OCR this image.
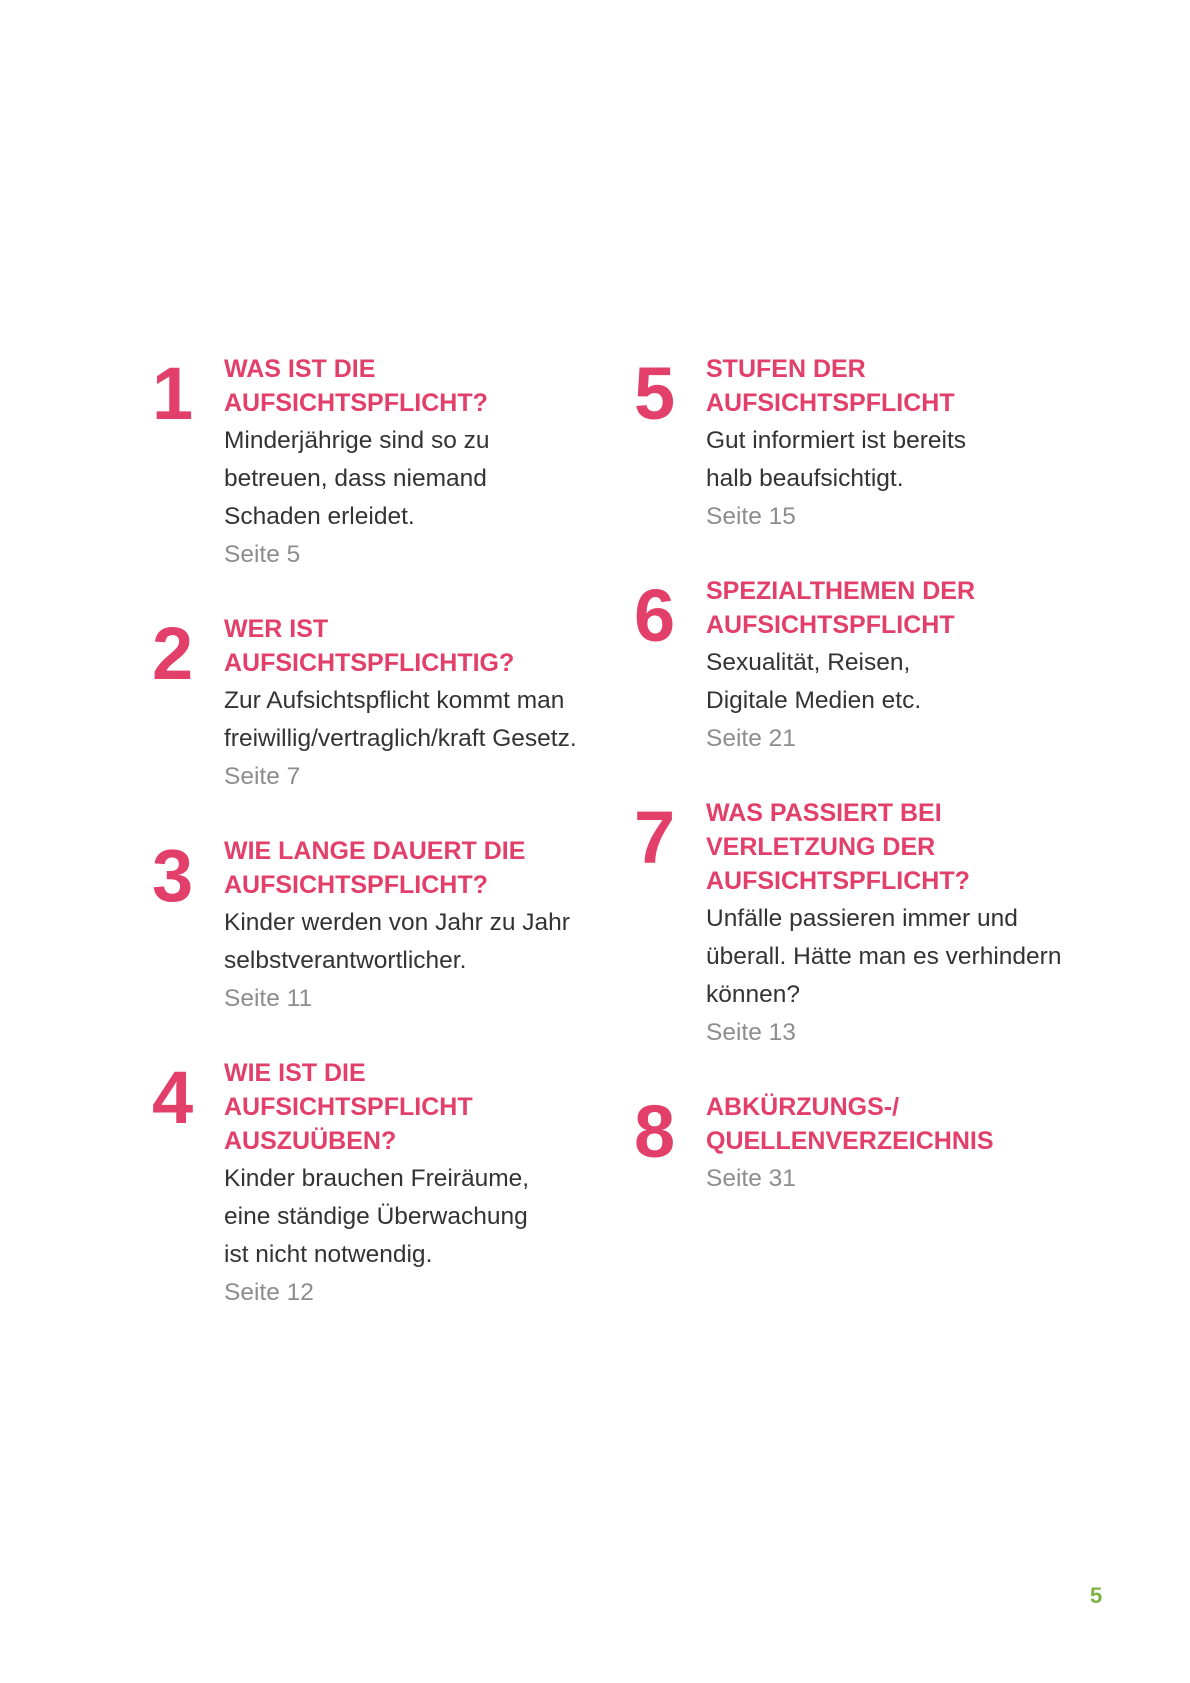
1	WAS IST DIE AUFSICHTSPFLICHT?
Minderjährige sind so zu
betreuen, dass niemand
Schaden erleidet.
Seite 5
2	WER IST AUFSICHTSPFLICHTIG?
Zur Aufsichtspflicht kommt man
freiwillig/vertraglich/kraft Gesetz.
Seite 7
3	WIE LANGE DAUERT DIE AUFSICHTSPFLICHT?
Kinder werden von Jahr zu Jahr
selbstverantwortlicher.
Seite 11
4	WIE IST DIE AUFSICHTSPFLICHT AUSZUÜBEN?
Kinder brauchen Freiräume,
eine ständige Überwachung
ist nicht notwendig.
Seite 12
5	STUFEN DER AUFSICHTSPFLICHT
Gut informiert ist bereits
halb beaufsichtigt.
Seite 15
6	SPEZIALTHEMEN DER AUFSICHTSPFLICHT
Sexualität, Reisen,
Digitale Medien etc.
Seite 21
7	WAS PASSIERT BEI VERLETZUNG DER AUFSICHTSPFLICHT?
Unfälle passieren immer und
überall. Hätte man es verhindern
können?
Seite 13
8	ABKÜRZUNGS-/ QUELLENVERZEICHNIS
Seite 31
5
